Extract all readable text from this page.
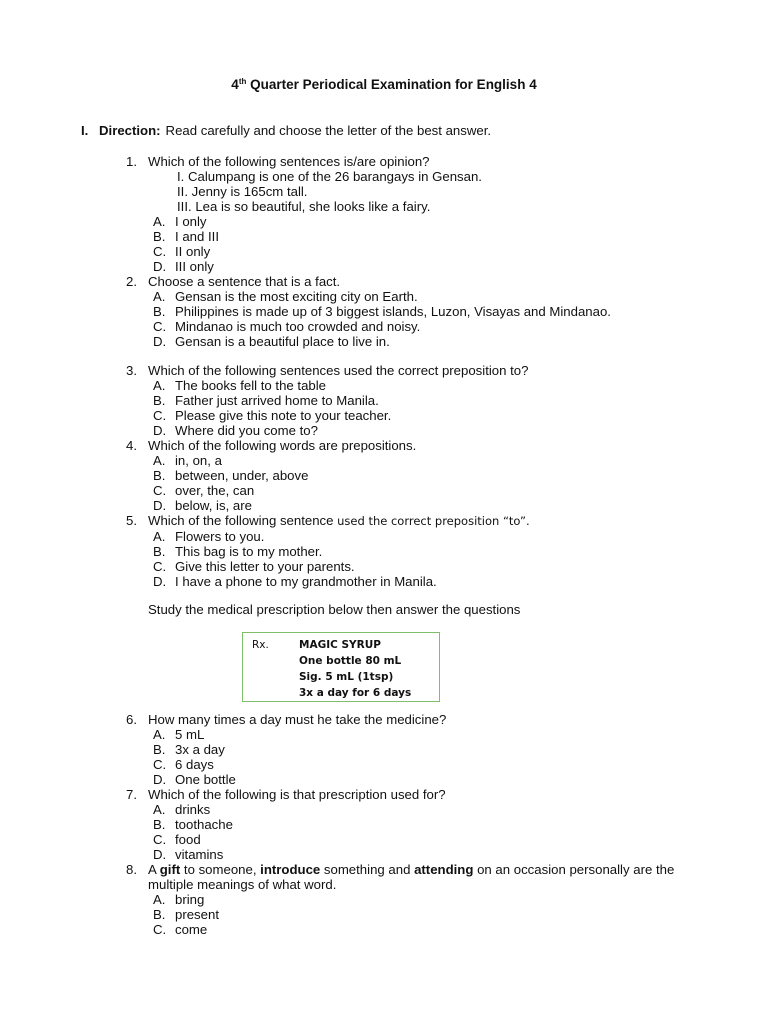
4th Quarter Periodical Examination for English 4
I. Direction: Read carefully and choose the letter of the best answer.
1. Which of the following sentences is/are opinion?
I. Calumpang is one of the 26 barangays in Gensan.
II. Jenny is 165cm tall.
III. Lea is so beautiful, she looks like a fairy.
A. I only
B. I and III
C. II only
D. III only
2. Choose a sentence that is a fact.
A. Gensan is the most exciting city on Earth.
B. Philippines is made up of 3 biggest islands, Luzon, Visayas and Mindanao.
C. Mindanao is much too crowded and noisy.
D. Gensan is a beautiful place to live in.
3. Which of the following sentences used the correct preposition to?
A. The books fell to the table
B. Father just arrived home to Manila.
C. Please give this note to your teacher.
D. Where did you come to?
4. Which of the following words are prepositions.
A. in, on, a
B. between, under, above
C. over, the, can
D. below, is, are
5. Which of the following sentence used the correct preposition “to”.
A. Flowers to you.
B. This bag is to my mother.
C. Give this letter to your parents.
D. I have a phone to my grandmother in Manila.
Study the medical prescription below then answer the questions
Rx.	MAGIC SYRUP
One bottle 80 mL
Sig. 5 mL (1tsp)
3x a day for 6 days
6. How many times a day must he take the medicine?
A. 5 mL
B. 3x a day
C. 6 days
D. One bottle
7. Which of the following is that prescription used for?
A. drinks
B. toothache
C. food
D. vitamins
8. A gift to someone, introduce something and attending on an occasion personally are the multiple meanings of what word.
A. bring
B. present
C. come
